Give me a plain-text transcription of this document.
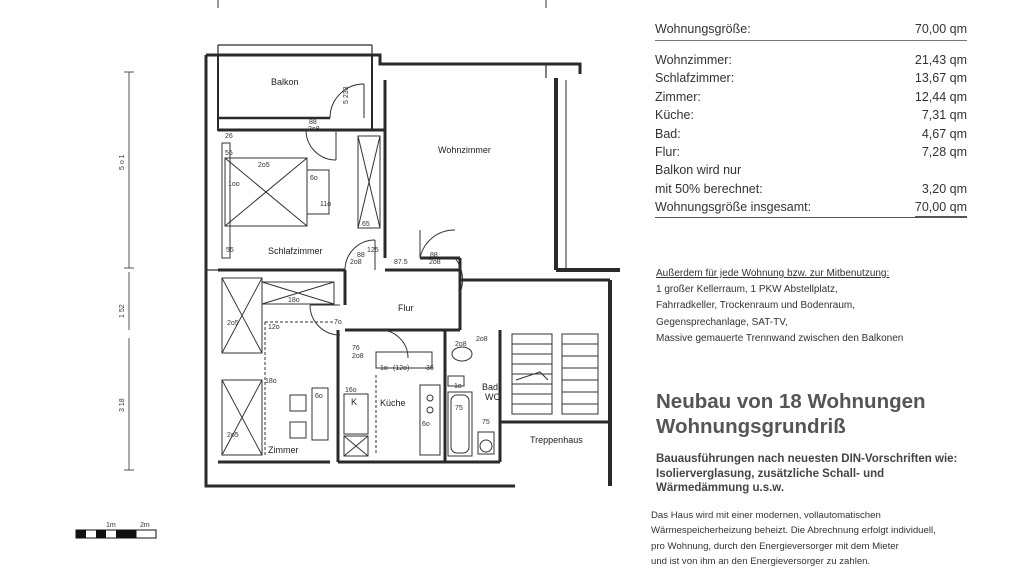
5 o 1
1 52
3 18
1m	2m
Balkon
Wohnzimmer
Schlafzimmer
Flur
Zimmer
Küche
K
Bad
WC
Treppenhaus
88
2o8
5 233
26
55
2o5
6o
1oo
11o
65
55
88
2o8
88
2o8
125
87.5
18o
12o
2o5
18o
7o
6o
76
2o8
1o (12o) 36
1o
16o
75
2o5
6o	75
2o8
2o8
Wohnungsgröße:	70,00 qm
Wohnzimmer:	21,43 qm
Schlafzimmer:	13,67 qm
Zimmer:	12,44 qm
Küche:	7,31 qm
Bad:	4,67 qm
Flur:	7,28 qm
Balkon wird nur
mit 50% berechnet:	3,20 qm
Wohnungsgröße insgesamt:	70,00 qm
Außerdem für jede Wohnung bzw. zur Mitbenutzung:
1 großer Kellerraum, 1 PKW Abstellplatz,
Fahrradkeller, Trockenraum und Bodenraum,
Gegensprechanlage, SAT-TV,
Massive gemauerte Trennwand zwischen den Balkonen
Neubau von 18 Wohnungen
Wohnungsgrundriß
Bauausführungen nach neuesten DIN-Vorschriften wie:
Isolierverglasung, zusätzliche Schall- und
Wärmedämmung u.s.w.
Das Haus wird mit einer modernen, vollautomatischen
Wärmespeicherheizung beheizt. Die Abrechnung erfolgt individuell,
pro Wohnung, durch den Energieversorger mit dem Mieter
und ist von ihm an den Energieversorger zu zahlen.
